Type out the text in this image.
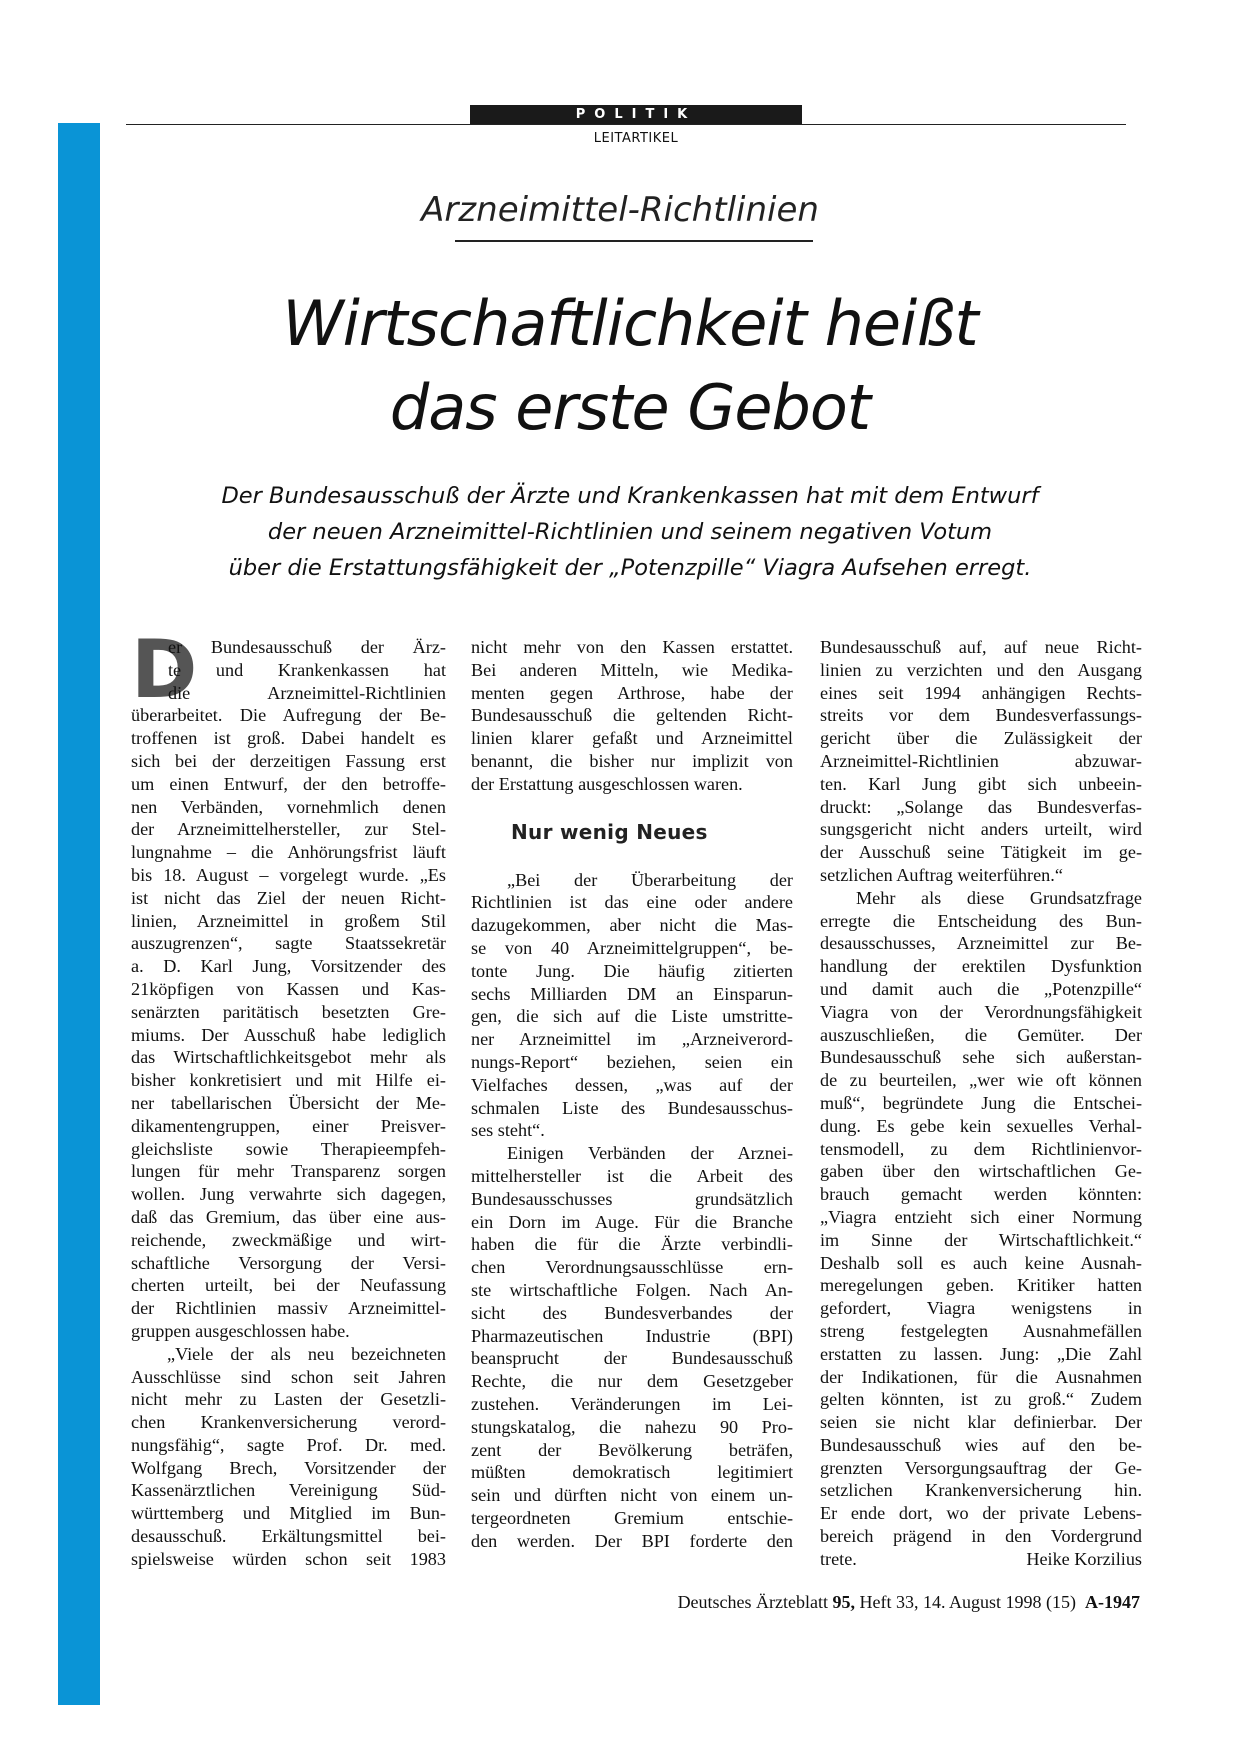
POLITIK
LEITARTIKEL
Arzneimittel-Richtlinien
Wirtschaftlichkeit heißt
das erste Gebot
Der Bundesausschuß der Ärzte und Krankenkassen hat mit dem Entwurf
der neuen Arzneimittel-Richtlinien und seinem negativen Votum
über die Erstattungsfähigkeit der „Potenzpille“ Viagra Aufsehen erregt.
D
er Bundesausschuß der Ärz-
te und Krankenkassen hat
die Arzneimittel-Richtlinien
überarbeitet. Die Aufregung der Be-
troffenen ist groß. Dabei handelt es
sich bei der derzeitigen Fassung erst
um einen Entwurf, der den betroffe-
nen Verbänden, vornehmlich denen
der Arzneimittelhersteller, zur Stel-
lungnahme – die Anhörungsfrist läuft
bis 18. August – vorgelegt wurde. „Es
ist nicht das Ziel der neuen Richt-
linien, Arzneimittel in großem Stil
auszugrenzen“, sagte Staatssekretär
a. D. Karl Jung, Vorsitzender des
21köpfigen von Kassen und Kas-
senärzten paritätisch besetzten Gre-
miums. Der Ausschuß habe lediglich
das Wirtschaftlichkeitsgebot mehr als
bisher konkretisiert und mit Hilfe ei-
ner tabellarischen Übersicht der Me-
dikamentengruppen, einer Preisver-
gleichsliste sowie Therapieempfeh-
lungen für mehr Transparenz sorgen
wollen. Jung verwahrte sich dagegen,
daß das Gremium, das über eine aus-
reichende, zweckmäßige und wirt-
schaftliche Versorgung der Versi-
cherten urteilt, bei der Neufassung
der Richtlinien massiv Arzneimittel-
gruppen ausgeschlossen habe.
„Viele der als neu bezeichneten
Ausschlüsse sind schon seit Jahren
nicht mehr zu Lasten der Gesetzli-
chen Krankenversicherung verord-
nungsfähig“, sagte Prof. Dr. med.
Wolfgang Brech, Vorsitzender der
Kassenärztlichen Vereinigung Süd-
württemberg und Mitglied im Bun-
desausschuß. Erkältungsmittel bei-
spielsweise würden schon seit 1983
nicht mehr von den Kassen erstattet.
Bei anderen Mitteln, wie Medika-
menten gegen Arthrose, habe der
Bundesausschuß die geltenden Richt-
linien klarer gefaßt und Arzneimittel
benannt, die bisher nur implizit von
der Erstattung ausgeschlossen waren.
Nur wenig Neues
„Bei der Überarbeitung der
Richtlinien ist das eine oder andere
dazugekommen, aber nicht die Mas-
se von 40 Arzneimittelgruppen“, be-
tonte Jung. Die häufig zitierten
sechs Milliarden DM an Einsparun-
gen, die sich auf die Liste umstritte-
ner Arzneimittel im „Arzneiverord-
nungs-Report“ beziehen, seien ein
Vielfaches dessen, „was auf der
schmalen Liste des Bundesausschus-
ses steht“.
Einigen Verbänden der Arznei-
mittelhersteller ist die Arbeit des
Bundesausschusses grundsätzlich
ein Dorn im Auge. Für die Branche
haben die für die Ärzte verbindli-
chen Verordnungsausschlüsse ern-
ste wirtschaftliche Folgen. Nach An-
sicht des Bundesverbandes der
Pharmazeutischen Industrie (BPI)
beansprucht der Bundesausschuß
Rechte, die nur dem Gesetzgeber
zustehen. Veränderungen im Lei-
stungskatalog, die nahezu 90 Pro-
zent der Bevölkerung beträfen,
müßten demokratisch legitimiert
sein und dürften nicht von einem un-
tergeordneten Gremium entschie-
den werden. Der BPI forderte den
Bundesausschuß auf, auf neue Richt-
linien zu verzichten und den Ausgang
eines seit 1994 anhängigen Rechts-
streits vor dem Bundesverfassungs-
gericht über die Zulässigkeit der
Arzneimittel-Richtlinien abzuwar-
ten. Karl Jung gibt sich unbeein-
druckt: „Solange das Bundesverfas-
sungsgericht nicht anders urteilt, wird
der Ausschuß seine Tätigkeit im ge-
setzlichen Auftrag weiterführen.“
Mehr als diese Grundsatzfrage
erregte die Entscheidung des Bun-
desausschusses, Arzneimittel zur Be-
handlung der erektilen Dysfunktion
und damit auch die „Potenzpille“
Viagra von der Verordnungsfähigkeit
auszuschließen, die Gemüter. Der
Bundesausschuß sehe sich außerstan-
de zu beurteilen, „wer wie oft können
muß“, begründete Jung die Entschei-
dung. Es gebe kein sexuelles Verhal-
tensmodell, zu dem Richtlinienvor-
gaben über den wirtschaftlichen Ge-
brauch gemacht werden könnten:
„Viagra entzieht sich einer Normung
im Sinne der Wirtschaftlichkeit.“
Deshalb soll es auch keine Ausnah-
meregelungen geben. Kritiker hatten
gefordert, Viagra wenigstens in
streng festgelegten Ausnahmefällen
erstatten zu lassen. Jung: „Die Zahl
der Indikationen, für die Ausnahmen
gelten könnten, ist zu groß.“ Zudem
seien sie nicht klar definierbar. Der
Bundesausschuß wies auf den be-
grenzten Versorgungsauftrag der Ge-
setzlichen Krankenversicherung hin.
Er ende dort, wo der private Lebens-
bereich prägend in den Vordergrund
trete.	Heike Korzilius
Deutsches Ärzteblatt 95, Heft 33, 14. August 1998 (15) A-1947
